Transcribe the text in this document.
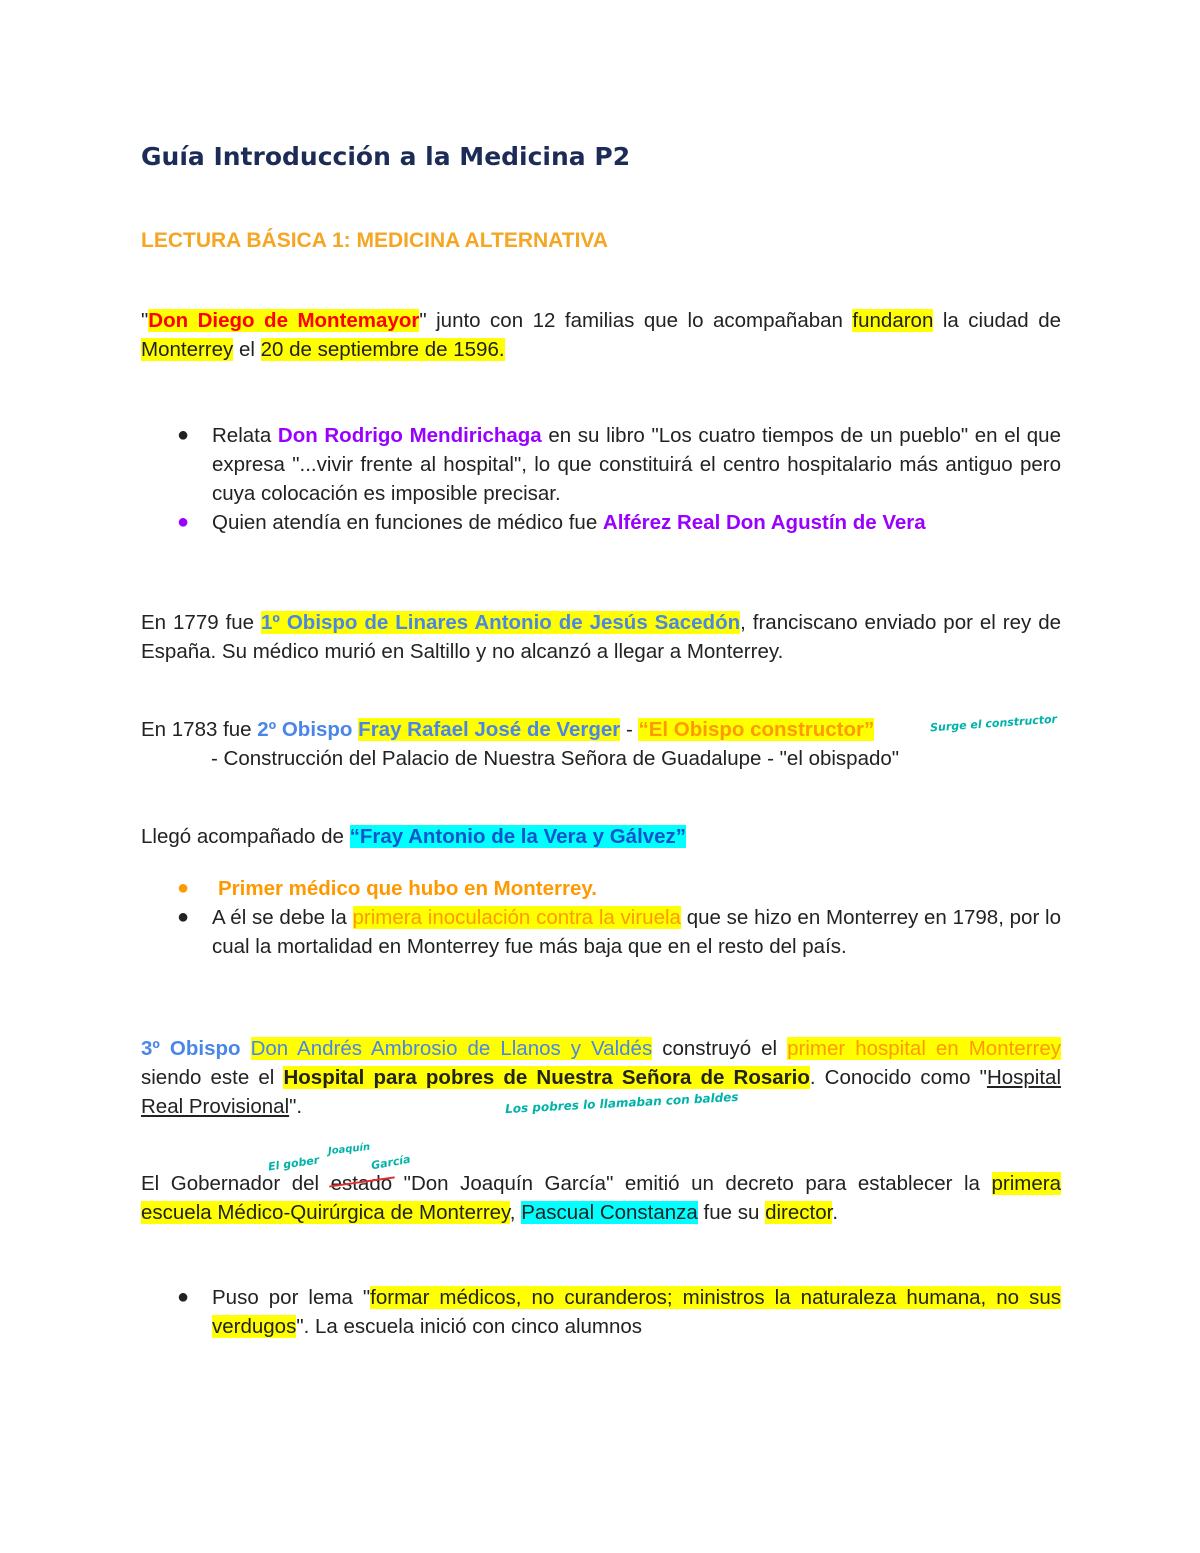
Guía Introducción a la Medicina P2
LECTURA BÁSICA 1: MEDICINA ALTERNATIVA
"Don Diego de Montemayor" junto con 12 familias que lo acompañaban fundaron la ciudad de Monterrey el 20 de septiembre de 1596.
● Relata Don Rodrigo Mendirichaga en su libro "Los cuatro tiempos de un pueblo" en el que expresa "...vivir frente al hospital", lo que constituirá el centro hospitalario más antiguo pero cuya colocación es imposible precisar.
● Quien atendía en funciones de médico fue Alférez Real Don Agustín de Vera
En 1779 fue 1º Obispo de Linares Antonio de Jesús Sacedón, franciscano enviado por el rey de España. Su médico murió en Saltillo y no alcanzó a llegar a Monterrey.
En 1783 fue 2º Obispo Fray Rafael José de Verger - “El Obispo constructor”
- Construcción del Palacio de Nuestra Señora de Guadalupe - "el obispado"
Llegó acompañado de “Fray Antonio de la Vera y Gálvez”
● Primer médico que hubo en Monterrey.
● A él se debe la primera inoculación contra la viruela que se hizo en Monterrey en 1798, por lo cual la mortalidad en Monterrey fue más baja que en el resto del país.
3º Obispo Don Andrés Ambrosio de Llanos y Valdés construyó el primer hospital en Monterrey siendo este el Hospital para pobres de Nuestra Señora de Rosario. Conocido como "Hospital Real Provisional".
El Gobernador del estado
"Don Joaquín García" emitió un decreto para establecer la primera escuela Médico-Quirúrgica de Monterrey, Pascual Constanza fue su director.
● Puso por lema "formar médicos, no curanderos; ministros la naturaleza humana, no sus verdugos". La escuela inició con cinco alumnos
Surge el constructor
Los pobres lo llamaban con baldes
El gober
Joaquín
García
